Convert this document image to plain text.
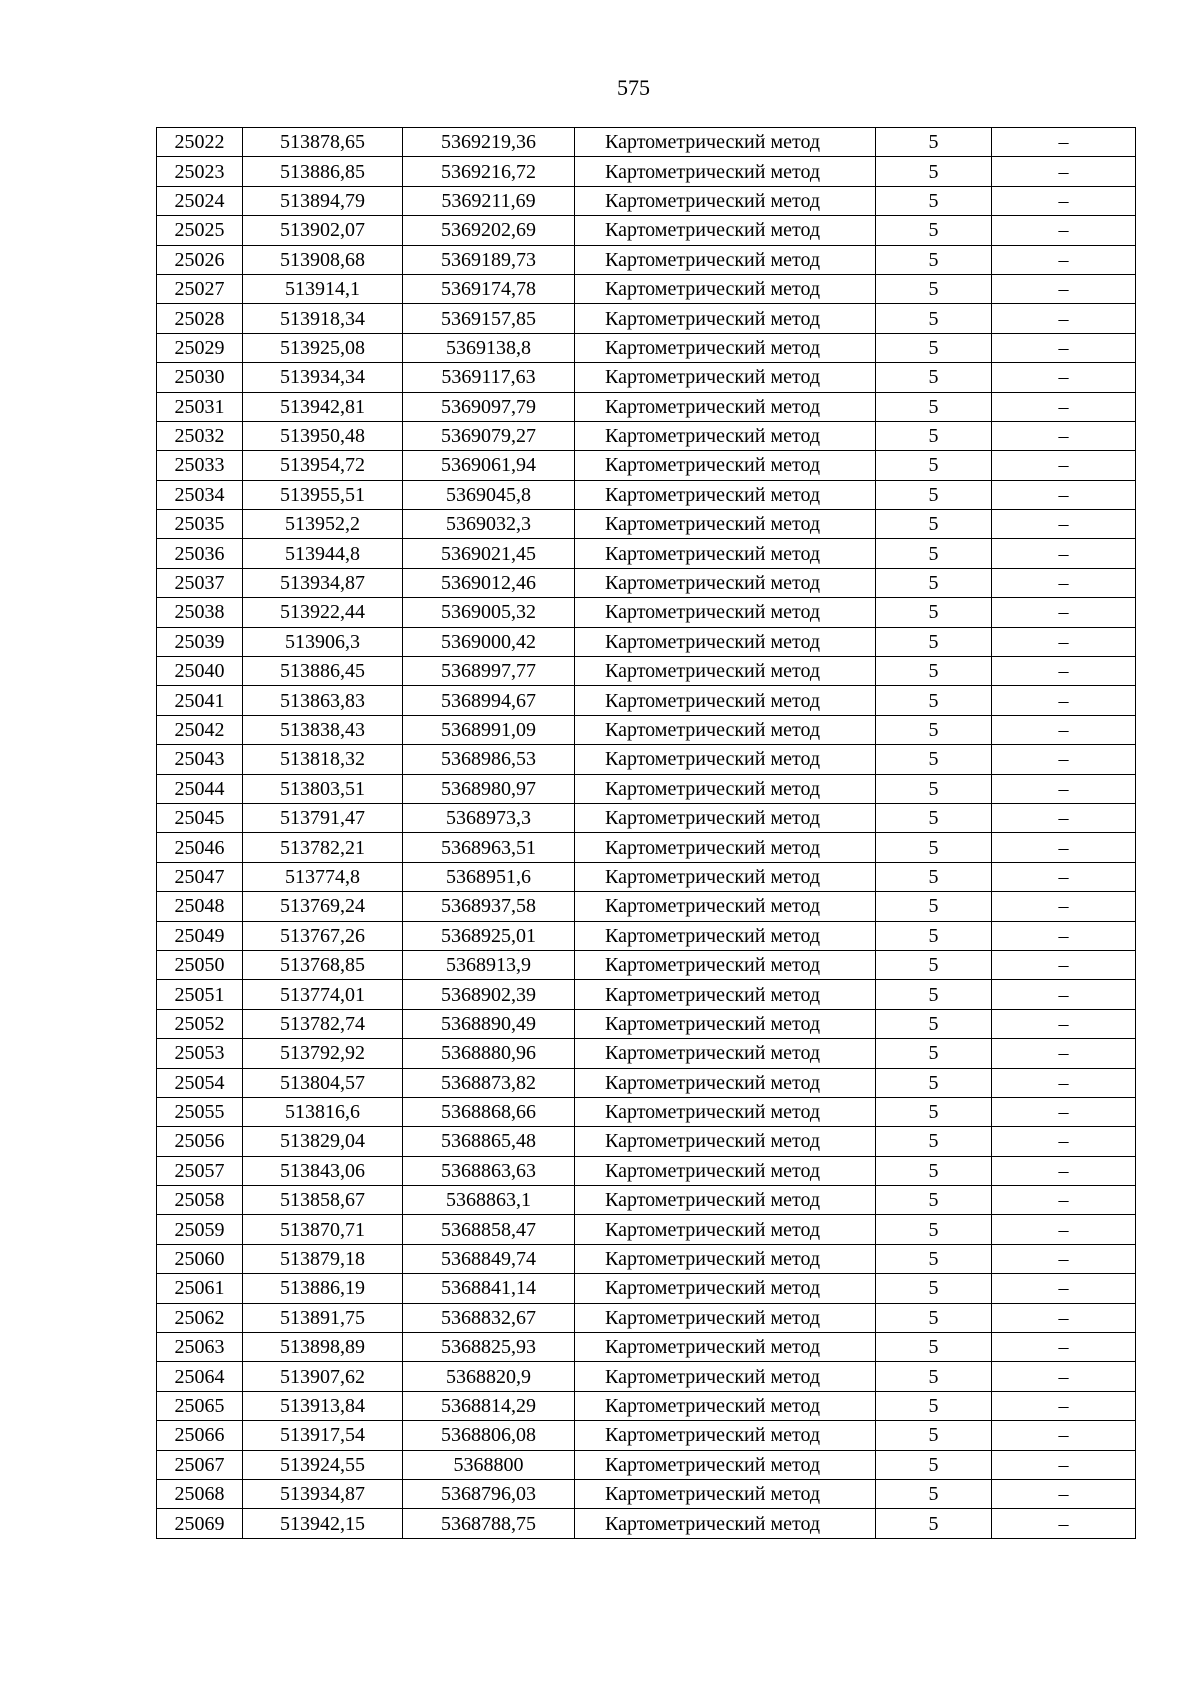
575
25022	513878,65	5369219,36	Картометрический метод	5	–
25023	513886,85	5369216,72	Картометрический метод	5	–
25024	513894,79	5369211,69	Картометрический метод	5	–
25025	513902,07	5369202,69	Картометрический метод	5	–
25026	513908,68	5369189,73	Картометрический метод	5	–
25027	513914,1	5369174,78	Картометрический метод	5	–
25028	513918,34	5369157,85	Картометрический метод	5	–
25029	513925,08	5369138,8	Картометрический метод	5	–
25030	513934,34	5369117,63	Картометрический метод	5	–
25031	513942,81	5369097,79	Картометрический метод	5	–
25032	513950,48	5369079,27	Картометрический метод	5	–
25033	513954,72	5369061,94	Картометрический метод	5	–
25034	513955,51	5369045,8	Картометрический метод	5	–
25035	513952,2	5369032,3	Картометрический метод	5	–
25036	513944,8	5369021,45	Картометрический метод	5	–
25037	513934,87	5369012,46	Картометрический метод	5	–
25038	513922,44	5369005,32	Картометрический метод	5	–
25039	513906,3	5369000,42	Картометрический метод	5	–
25040	513886,45	5368997,77	Картометрический метод	5	–
25041	513863,83	5368994,67	Картометрический метод	5	–
25042	513838,43	5368991,09	Картометрический метод	5	–
25043	513818,32	5368986,53	Картометрический метод	5	–
25044	513803,51	5368980,97	Картометрический метод	5	–
25045	513791,47	5368973,3	Картометрический метод	5	–
25046	513782,21	5368963,51	Картометрический метод	5	–
25047	513774,8	5368951,6	Картометрический метод	5	–
25048	513769,24	5368937,58	Картометрический метод	5	–
25049	513767,26	5368925,01	Картометрический метод	5	–
25050	513768,85	5368913,9	Картометрический метод	5	–
25051	513774,01	5368902,39	Картометрический метод	5	–
25052	513782,74	5368890,49	Картометрический метод	5	–
25053	513792,92	5368880,96	Картометрический метод	5	–
25054	513804,57	5368873,82	Картометрический метод	5	–
25055	513816,6	5368868,66	Картометрический метод	5	–
25056	513829,04	5368865,48	Картометрический метод	5	–
25057	513843,06	5368863,63	Картометрический метод	5	–
25058	513858,67	5368863,1	Картометрический метод	5	–
25059	513870,71	5368858,47	Картометрический метод	5	–
25060	513879,18	5368849,74	Картометрический метод	5	–
25061	513886,19	5368841,14	Картометрический метод	5	–
25062	513891,75	5368832,67	Картометрический метод	5	–
25063	513898,89	5368825,93	Картометрический метод	5	–
25064	513907,62	5368820,9	Картометрический метод	5	–
25065	513913,84	5368814,29	Картометрический метод	5	–
25066	513917,54	5368806,08	Картометрический метод	5	–
25067	513924,55	5368800	Картометрический метод	5	–
25068	513934,87	5368796,03	Картометрический метод	5	–
25069	513942,15	5368788,75	Картометрический метод	5	–
